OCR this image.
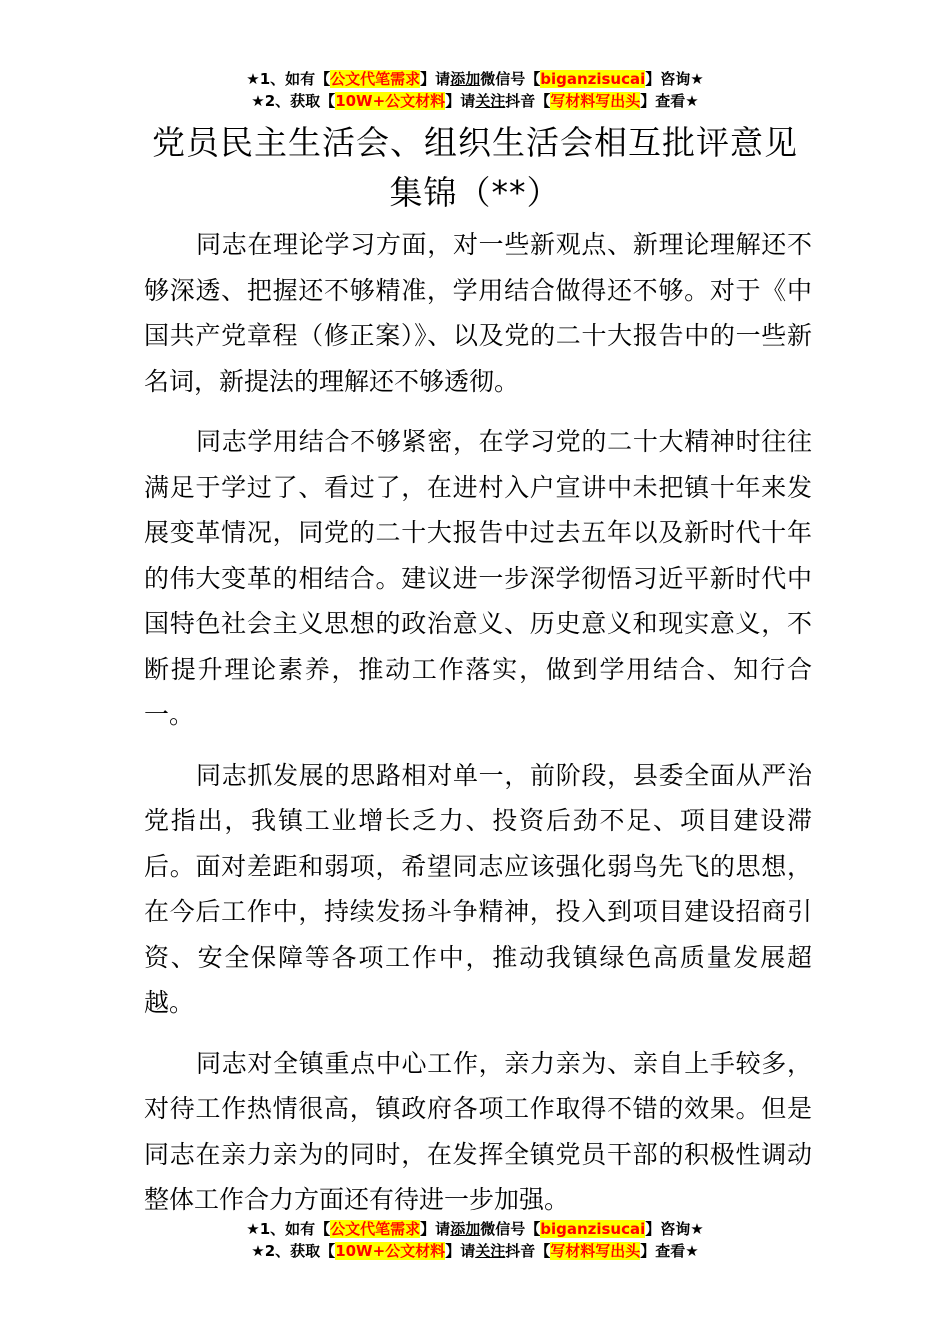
★1、如有【公文代笔需求】请添加微信号【biganzisucai】咨询★
★2、获取【10W+公文材料】请关注抖音【写材料写出头】查看★
党员民主生活会、组织生活会相互批评意见集锦（**）

同志在理论学习方面，对一些新观点、新理论理解还不够深透、把握还不够精准，学用结合做得还不够。对于《中国共产党章程（修正案）》、以及党的二十大报告中的一些新名词，新提法的理解还不够透彻。

同志学用结合不够紧密，在学习党的二十大精神时往往满足于学过了、看过了，在进村入户宣讲中未把镇十年来发展变革情况，同党的二十大报告中过去五年以及新时代十年的伟大变革的相结合。建议进一步深学彻悟习近平新时代中国特色社会主义思想的政治意义、历史意义和现实意义，不断提升理论素养，推动工作落实，做到学用结合、知行合一。

同志抓发展的思路相对单一，前阶段，县委全面从严治党指出，我镇工业增长乏力、投资后劲不足、项目建设滞后。面对差距和弱项，希望同志应该强化弱鸟先飞的思想，在今后工作中，持续发扬斗争精神，投入到项目建设招商引资、安全保障等各项工作中，推动我镇绿色高质量发展超越。

同志对全镇重点中心工作，亲力亲为、亲自上手较多，对待工作热情很高，镇政府各项工作取得不错的效果。但是同志在亲力亲为的同时，在发挥全镇党员干部的积极性调动整体工作合力方面还有待进一步加强。

★1、如有【公文代笔需求】请添加微信号【biganzisucai】咨询★
★2、获取【10W+公文材料】请关注抖音【写材料写出头】查看★
